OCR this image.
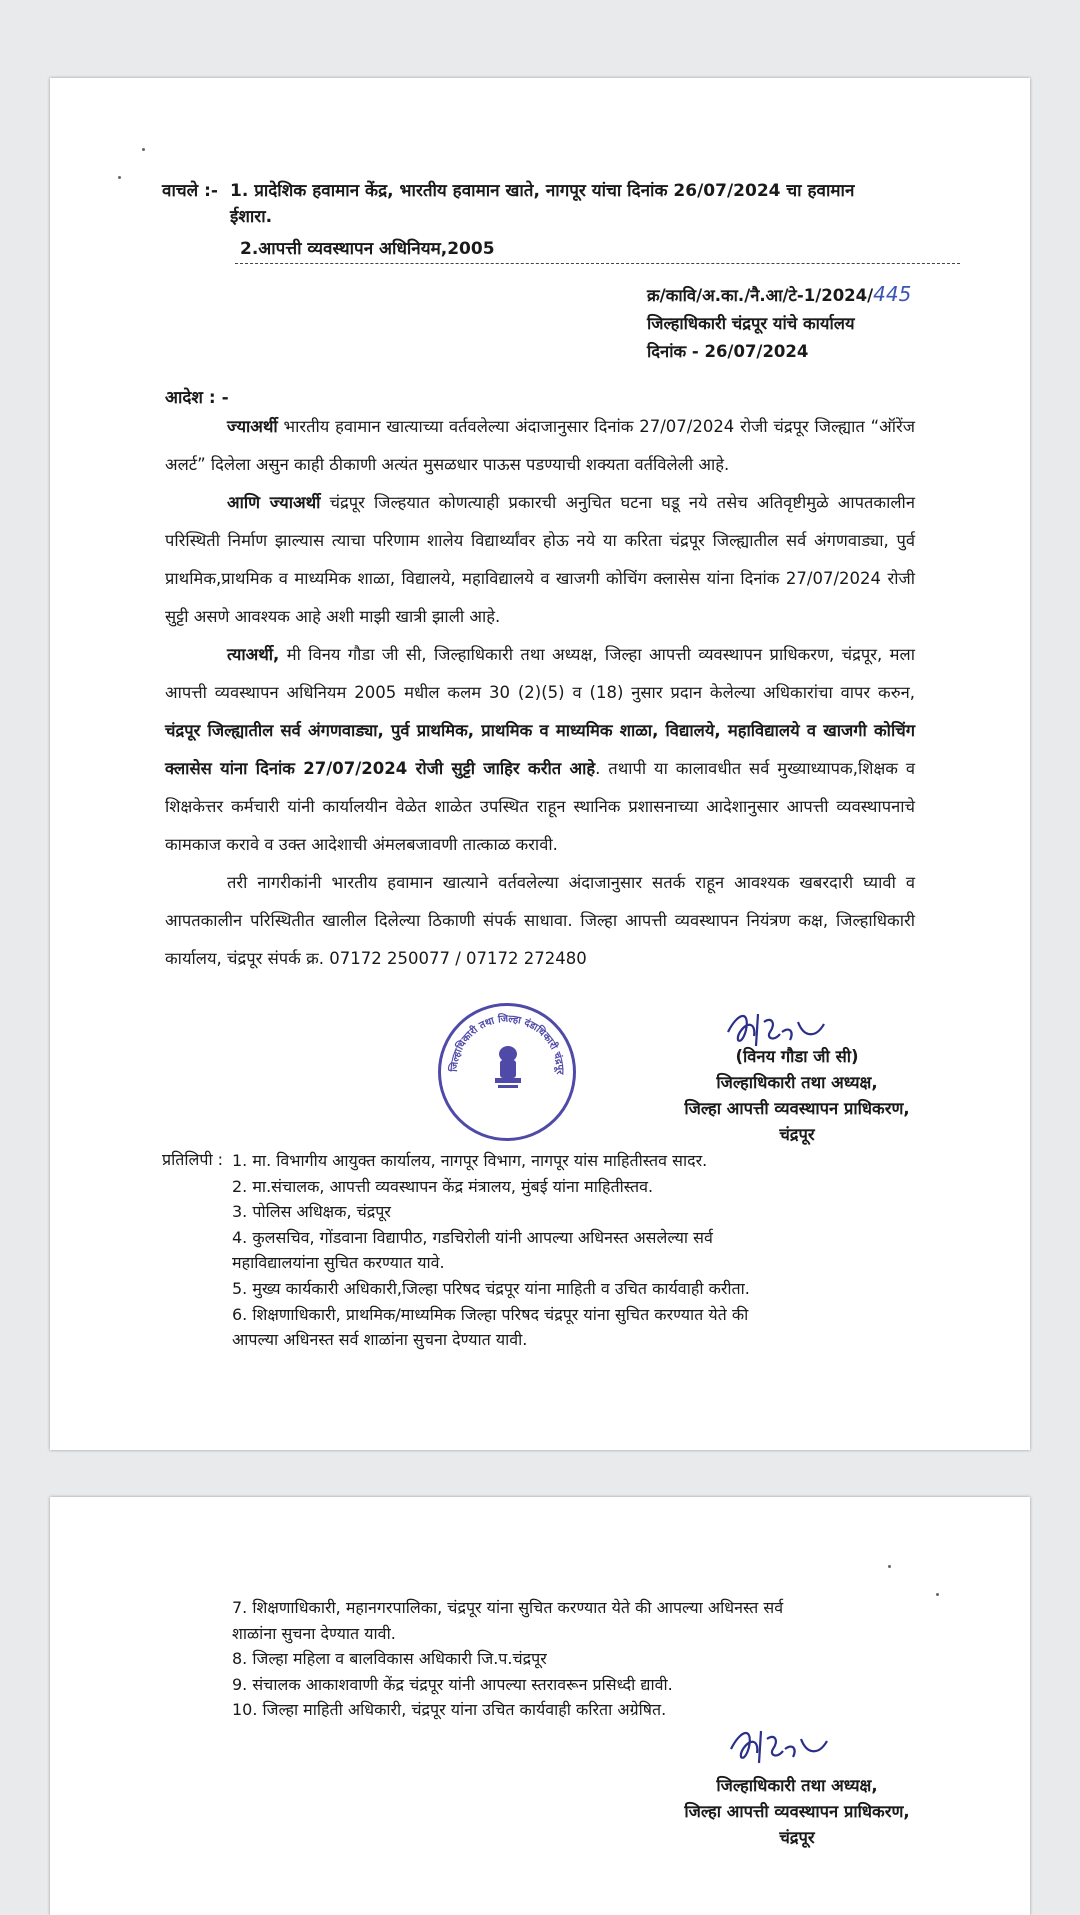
वाचले :- 1. प्रादेशिक हवामान केंद्र, भारतीय हवामान खाते, नागपूर यांचा दिनांक 26/07/2024 चा हवामान ईशारा.
2.आपत्ती व्यवस्थापन अधिनियम,2005
क्र/कावि/अ.का./नै.आ/टे-1/2024/445
जिल्हाधिकारी चंद्रपूर यांचे कार्यालय
दिनांक - 26/07/2024
आदेश : -

ज्याअर्थी भारतीय हवामान खात्याच्या वर्तवलेल्या अंदाजानुसार दिनांक 27/07/2024 रोजी चंद्रपूर जिल्ह्यात “ऑरेंज अलर्ट” दिलेला असुन काही ठीकाणी अत्यंत मुसळधार पाऊस पडण्याची शक्यता वर्तविलेली आहे.

आणि ज्याअर्थी चंद्रपूर जिल्हयात कोणत्याही प्रकारची अनुचित घटना घडू नये तसेच अतिवृष्टीमुळे आपतकालीन परिस्थिती निर्माण झाल्यास त्याचा परिणाम शालेय विद्यार्थ्यांवर होऊ नये या करिता चंद्रपूर जिल्ह्यातील सर्व अंगणवाड्या, पुर्व प्राथमिक,प्राथमिक व माध्यमिक शाळा, विद्यालये, महाविद्यालये व खाजगी कोचिंग क्लासेस यांना दिनांक 27/07/2024 रोजी सुट्टी असणे आवश्यक आहे अशी माझी खात्री झाली आहे.

त्याअर्थी, मी विनय गौडा जी सी, जिल्हाधिकारी तथा अध्यक्ष, जिल्हा आपत्ती व्यवस्थापन प्राधिकरण, चंद्रपूर, मला आपत्ती व्यवस्थापन अधिनियम 2005 मधील कलम 30 (2)(5) व (18) नुसार प्रदान केलेल्या अधिकारांचा वापर करुन, चंद्रपूर जिल्ह्यातील सर्व अंगणवाड्या, पुर्व प्राथमिक, प्राथमिक व माध्यमिक शाळा, विद्यालये, महाविद्यालये व खाजगी कोचिंग क्लासेस यांना दिनांक 27/07/2024 रोजी सुट्टी जाहिर करीत आहे. तथापी या कालावधीत सर्व मुख्याध्यापक,शिक्षक व शिक्षकेत्तर कर्मचारी यांनी कार्यालयीन वेळेत शाळेत उपस्थित राहून स्थानिक प्रशासनाच्या आदेशानुसार आपत्ती व्यवस्थापनाचे कामकाज करावे व उक्त आदेशाची अंमलबजावणी तात्काळ करावी.

तरी नागरीकांनी भारतीय हवामान खात्याने वर्तवलेल्या अंदाजानुसार सतर्क राहून आवश्यक खबरदारी घ्यावी व आपतकालीन परिस्थितीत खालील दिलेल्या ठिकाणी संपर्क साधावा. जिल्हा आपत्ती व्यवस्थापन नियंत्रण कक्ष, जिल्हाधिकारी कार्यालय, चंद्रपूर संपर्क क्र. 07172 250077 / 07172 272480

जिल्हाधिकारी तथा जिल्हा दंडाधिकारी चंद्रपूर
(विनय गौडा जी सी)
जिल्हाधिकारी तथा अध्यक्ष,
जिल्हा आपत्ती व्यवस्थापन प्राधिकरण,
चंद्रपूर
प्रतिलिपी : 1. मा. विभागीय आयुक्त कार्यालय, नागपूर विभाग, नागपूर यांस माहितीस्तव सादर.
2. मा.संचालक, आपत्ती व्यवस्थापन केंद्र मंत्रालय, मुंबई यांना माहितीस्तव.
3. पोलिस अधिक्षक, चंद्रपूर
4. कुलसचिव, गोंडवाना विद्यापीठ, गडचिरोली यांनी आपल्या अधिनस्त असलेल्या सर्व महाविद्यालयांना सुचित करण्यात यावे.
5. मुख्य कार्यकारी अधिकारी,जिल्हा परिषद चंद्रपूर यांना माहिती व उचित कार्यवाही करीता.
6. शिक्षणाधिकारी, प्राथमिक/माध्यमिक जिल्हा परिषद चंद्रपूर यांना सुचित करण्यात येते की आपल्या अधिनस्त सर्व शाळांना सुचना देण्यात यावी.
7. शिक्षणाधिकारी, महानगरपालिका, चंद्रपूर यांना सुचित करण्यात येते की आपल्या अधिनस्त सर्व शाळांना सुचना देण्यात यावी.
8. जिल्हा महिला व बालविकास अधिकारी जि.प.चंद्रपूर
9. संचालक आकाशवाणी केंद्र चंद्रपूर यांनी आपल्या स्तरावरून प्रसिध्दी द्यावी.
10. जिल्हा माहिती अधिकारी, चंद्रपूर यांना उचित कार्यवाही करिता अग्रेषित.
जिल्हाधिकारी तथा अध्यक्ष,
जिल्हा आपत्ती व्यवस्थापन प्राधिकरण,
चंद्रपूर
